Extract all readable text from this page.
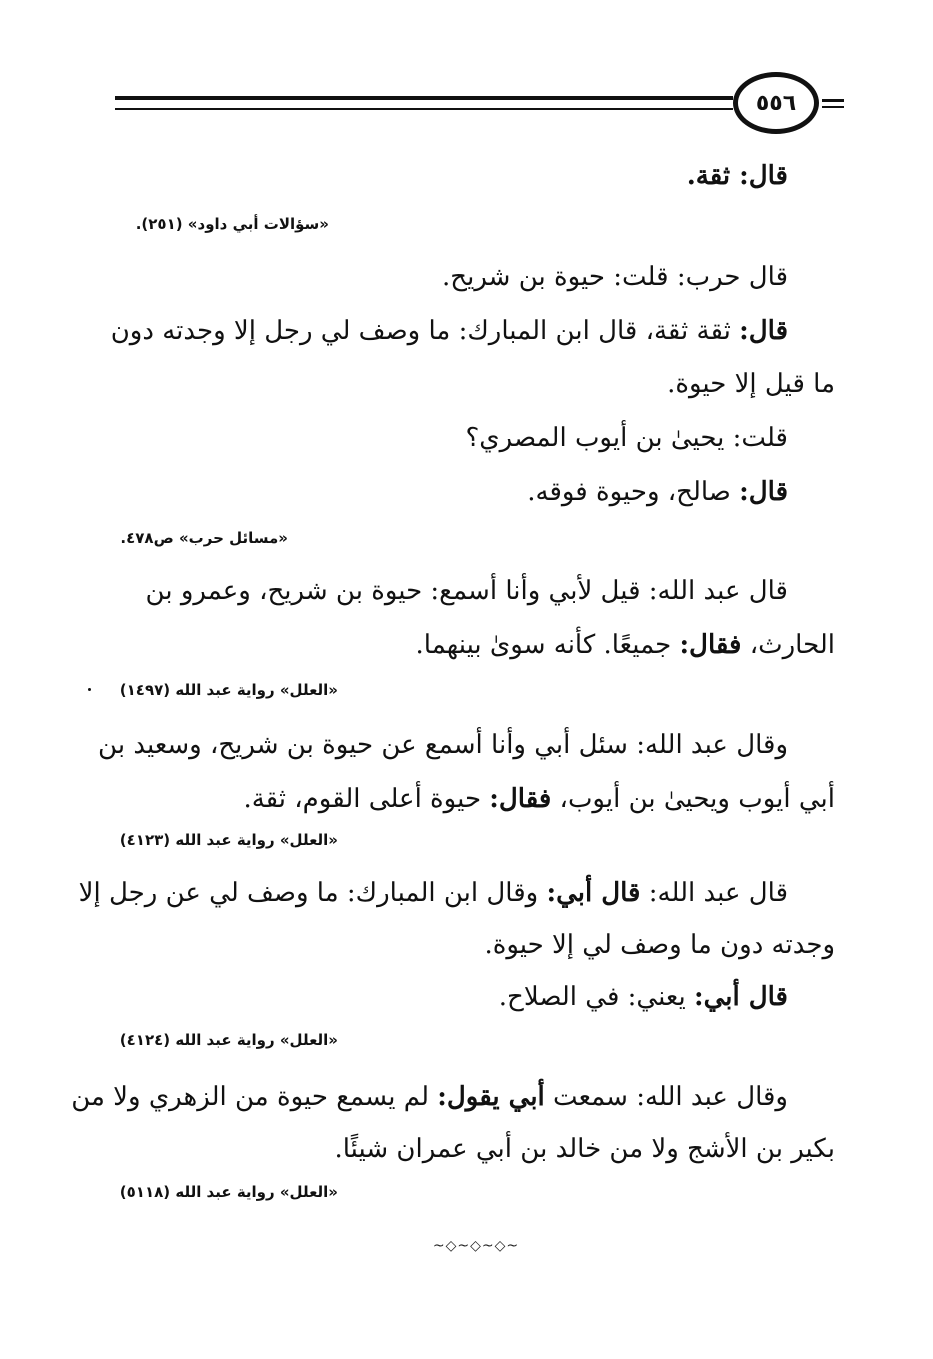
٥٥٦
قال: ثقة.
«سؤالات أبي داود» (٢٥١).
قال حرب: قلت: حيوة بن شريح.
قال: ثقة ثقة، قال ابن المبارك: ما وصف لي رجل إلا وجدته دون
ما قيل إلا حيوة.
قلت: يحيىٰ بن أيوب المصري؟
قال: صالح، وحيوة فوقه.
«مسائل حرب» ص٤٧٨.
قال عبد الله: قيل لأبي وأنا أسمع: حيوة بن شريح، وعمرو بن
الحارث، فقال: جميعًا. كأنه سوىٰ بينهما.
«العلل» رواية عبد الله (١٤٩٧)
وقال عبد الله: سئل أبي وأنا أسمع عن حيوة بن شريح، وسعيد بن
أبي أيوب ويحيىٰ بن أيوب، فقال: حيوة أعلى القوم، ثقة.
«العلل» رواية عبد الله (٤١٢٣)
قال عبد الله: قال أبي: وقال ابن المبارك: ما وصف لي عن رجل إلا
وجدته دون ما وصف لي إلا حيوة.
قال أبي: يعني: في الصلاح.
«العلل» رواية عبد الله (٤١٢٤)
وقال عبد الله: سمعت أبي يقول: لم يسمع حيوة من الزهري ولا من
بكير بن الأشج ولا من خالد بن أبي عمران شيئًا.
«العلل» رواية عبد الله (٥١١٨)
~◇~◇~◇~
